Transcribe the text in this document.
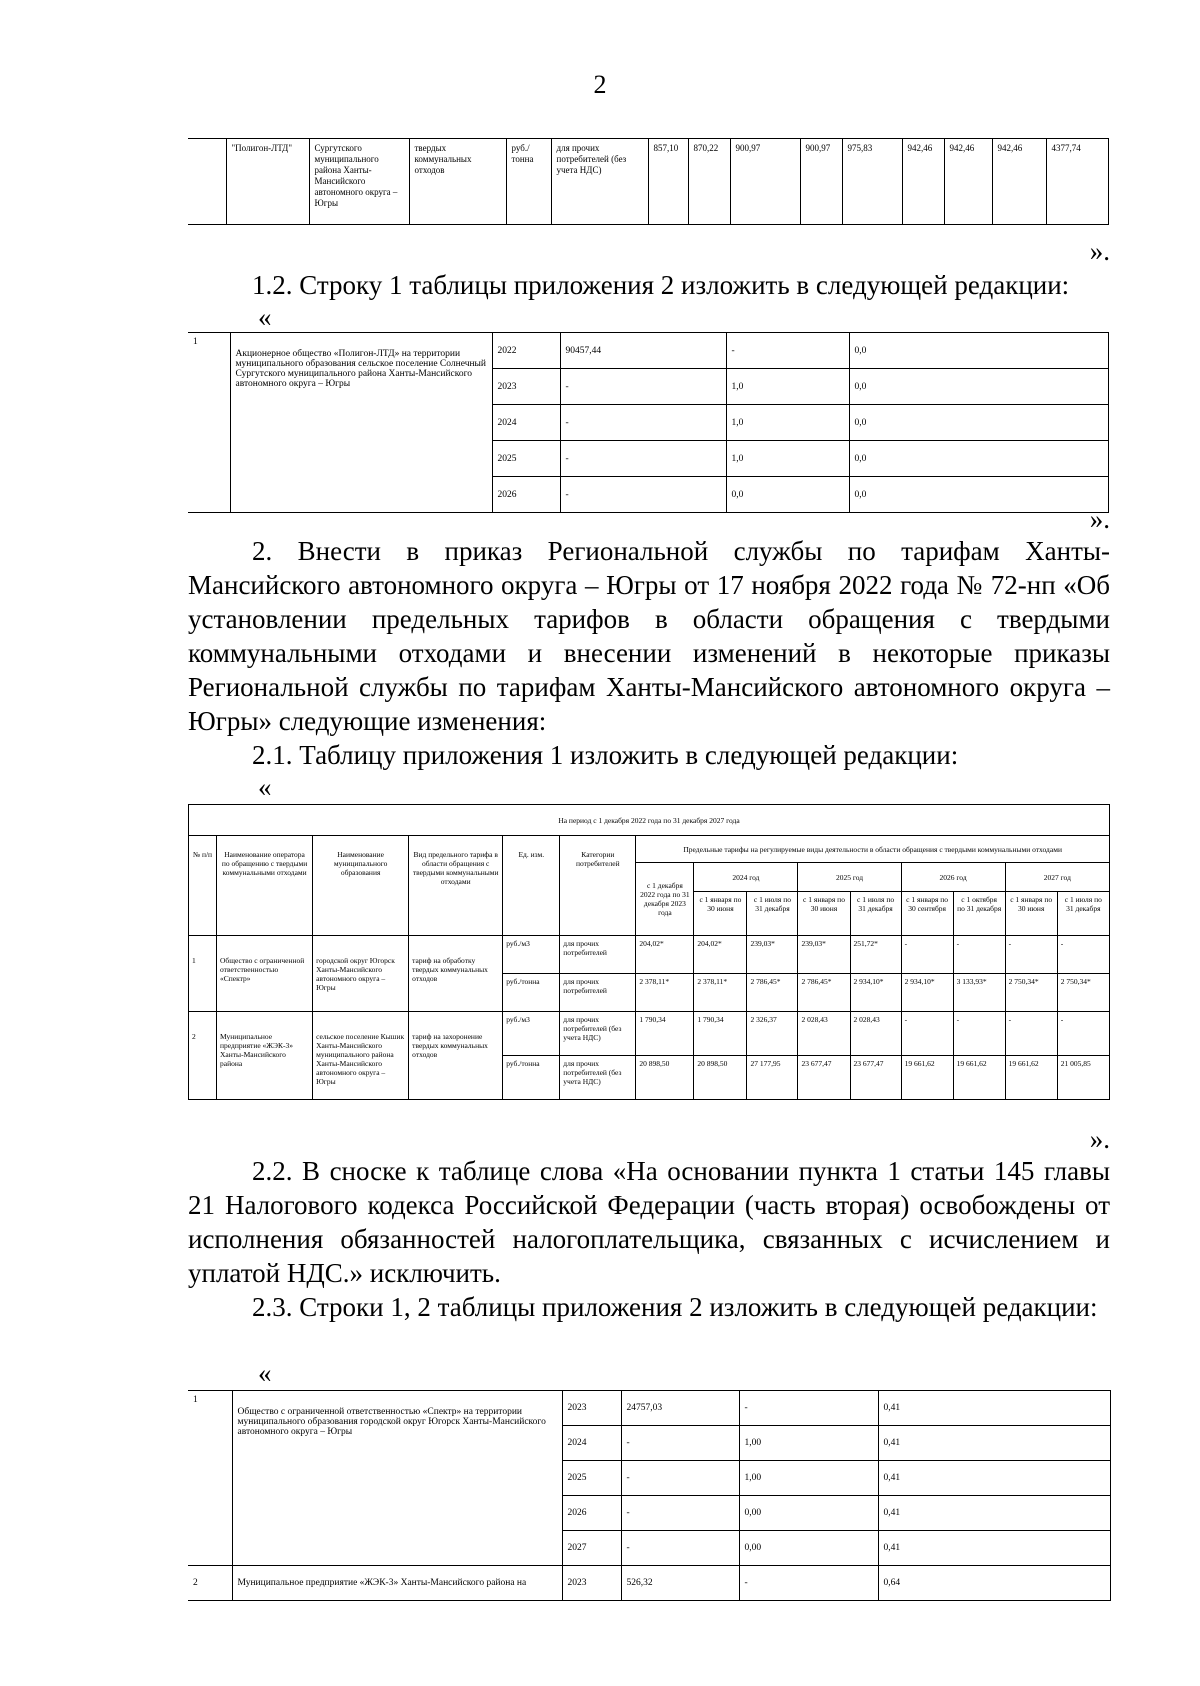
2
	"Полигон-ЛТД"	Сургутского муниципального района Ханты-Мансийского автономного округа – Югры	твердых коммунальных отходов	руб./тонна	для прочих потребителей (без учета НДС)	857,10	870,22	900,97	900,97	975,83	942,46	942,46	942,46	4377,74
».
1.2. Строку 1 таблицы приложения 2 изложить в следующей редакции:
«
1	Акционерное общество «Полигон-ЛТД» на территории муниципального образования сельское поселение Солнечный Сургутского муниципального района Ханты-Мансийского автономного округа – Югры	2022	90457,44	-	0,0
		2023	-	1,0	0,0
		2024	-	1,0	0,0
		2025	-	1,0	0,0
		2026	-	0,0	0,0
».
2. Внести в приказ Региональной службы по тарифам Ханты-Мансийского автономного округа – Югры от 17 ноября 2022 года № 72-нп «Об установлении предельных тарифов в области обращения с твердыми коммунальными отходами и внесении изменений в некоторые приказы Региональной службы по тарифам Ханты-Мансийского автономного округа – Югры» следующие изменения:
2.1. Таблицу приложения 1 изложить в следующей редакции:
«
На период с 1 декабря 2022 года по 31 декабря 2027 года														
№ п/п	Наименование оператора по обращению с твердыми коммунальными отходами	Наименование муниципального образования	Вид предельного тарифа в области обращения с твердыми коммунальными отходами	Ед. изм.	Категории потребителей	Предельные тарифы на регулируемые виды деятельности в области обращения с твердыми коммунальными отходами								
						с 1 декабря 2022 года по 31 декабря 2023 года	2024 год		2025 год		2026 год		2027 год	
							с 1 января по 30 июня	с 1 июля по 31 декабря	с 1 января по 30 июня	с 1 июля по 31 декабря	с 1 января по 30 сентября	с 1 октября по 31 декабря	с 1 января по 30 июня	с 1 июля по 31 декабря
1	Общество с ограниченной ответственностью «Спектр»	городской округ Югорск Ханты-Мансийского автономного округа – Югры	тариф на обработку твердых коммунальных отходов	руб./м3	для прочих потребителей	204,02*	204,02*	239,03*	239,03*	251,72*	-	-	-	-
				руб./тонна	для прочих потребителей	2 378,11*	2 378,11*	2 786,45*	2 786,45*	2 934,10*	2 934,10*	3 133,93*	2 750,34*	2 750,34*
2	Муниципальное предприятие «ЖЭК-3» Ханты-Мансийского района	сельское поселение Кышик Ханты-Мансийского муниципального района Ханты-Мансийского автономного округа – Югры	тариф на захоронение твердых коммунальных отходов	руб./м3	для прочих потребителей (без учета НДС)	1 790,34	1 790,34	2 326,37	2 028,43	2 028,43	-	-	-	-
				руб./тонна	для прочих потребителей (без учета НДС)	20 898,50	20 898,50	27 177,95	23 677,47	23 677,47	19 661,62	19 661,62	19 661,62	21 005,85
».
2.2. В сноске к таблице слова «На основании пункта 1 статьи 145 главы 21 Налогового кодекса Российской Федерации (часть вторая) освобождены от исполнения обязанностей налогоплательщика, связанных с исчислением и уплатой НДС.» исключить.
2.3. Строки 1, 2 таблицы приложения 2 изложить в следующей редакции:
«
1	Общество с ограниченной ответственностью «Спектр» на территории муниципального образования городской округ Югорск Ханты-Мансийского автономного округа – Югры	2023	24757,03	-	0,41
		2024	-	1,00	0,41
		2025	-	1,00	0,41
		2026	-	0,00	0,41
		2027	-	0,00	0,41
2	Муниципальное предприятие «ЖЭК-3» Ханты-Мансийского района на	2023	526,32	-	0,64
